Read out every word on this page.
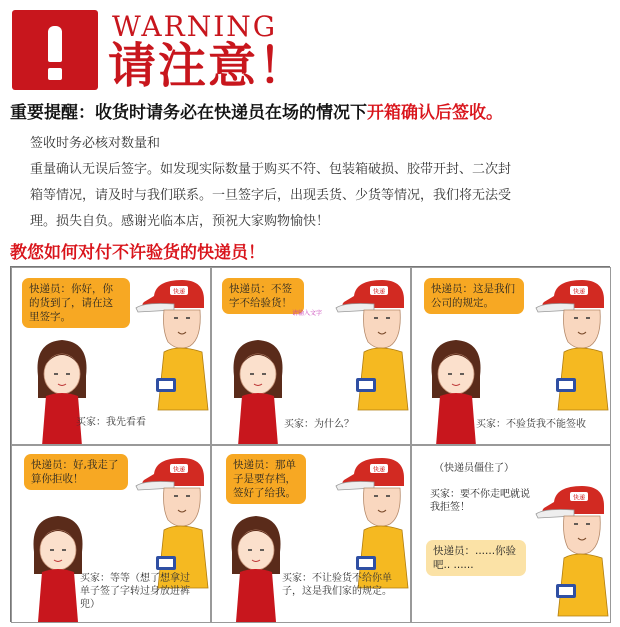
WARNING
请注意！
重要提醒：收货时请务必在快递员在场的情况下开箱确认后签收。
签收时务必核对数量和
重量确认无误后签字。如发现实际数量于购买不符、包装箱破损、胶带开封、二次封
箱等情况，请及时与我们联系。一旦签字后，出现丢货、少货等情况，我们将无法受
理。损失自负。感谢光临本店，预祝大家购物愉快！
教您如何对付不许验货的快递员！
快递员：你好，你的货到了，请在这里签字。
快递
买家：我先看看
快递员：不签字不给验货！
请输入文字
快递
买家：为什么？
快递员：这是我们公司的规定。
快递
买家：不验货我不能签收
快递员：好,我走了算你拒收！
快递
买家：等等（想了想拿过单子签了字转过身放进裤兜）
快递员：那单子是要存档，签好了给我。
快递
买家：不让验货不给你单子，这是我们家的规定。
（快递员僵住了）
买家：要不你走吧就说我拒签！
快递员：......你验吧.. ......
快递
